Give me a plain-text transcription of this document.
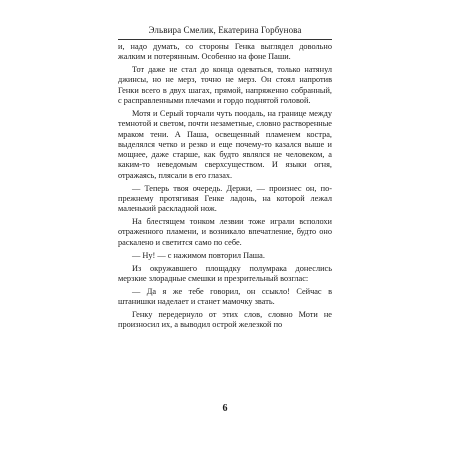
Эльвира Смелик, Екатерина Горбунова

и, надо думать, со стороны Генка выглядел довольно жалким и потерянным. Особенно на фоне Паши.

Тот даже не стал до конца одеваться, только натянул джинсы, но не мерз, точно не мерз. Он стоял напротив Генки всего в двух шагах, прямой, напряженно собранный, с расправленными плечами и гордо поднятой головой.

Мотя и Серый торчали чуть поодаль, на границе между темнотой и светом, почти незаметные, словно растворенные мраком тени. А Паша, освещенный пламенем костра, выделялся четко и резко и еще почему-то казался выше и мощнее, даже старше, как будто являлся не человеком, а каким-то неведомым сверхсуществом. И языки огня, отражаясь, плясали в его глазах.

— Теперь твоя очередь. Держи, — произнес он, по-прежнему протягивая Генке ладонь, на которой лежал маленький раскладной нож.

На блестящем тонком лезвии тоже играли всполохи отраженного пламени, и возникало впечатление, будто оно раскалено и светится само по себе.

— Ну! — с нажимом повторил Паша.

Из окружавшего площадку полумрака донеслись мерзкие злорадные смешки и презрительный возглас:

— Да я же тебе говорил, он ссыкло! Сейчас в штанишки наделает и станет мамочку звать.

Генку передернуло от этих слов, словно Моти не произносил их, а выводил острой железкой по

6
